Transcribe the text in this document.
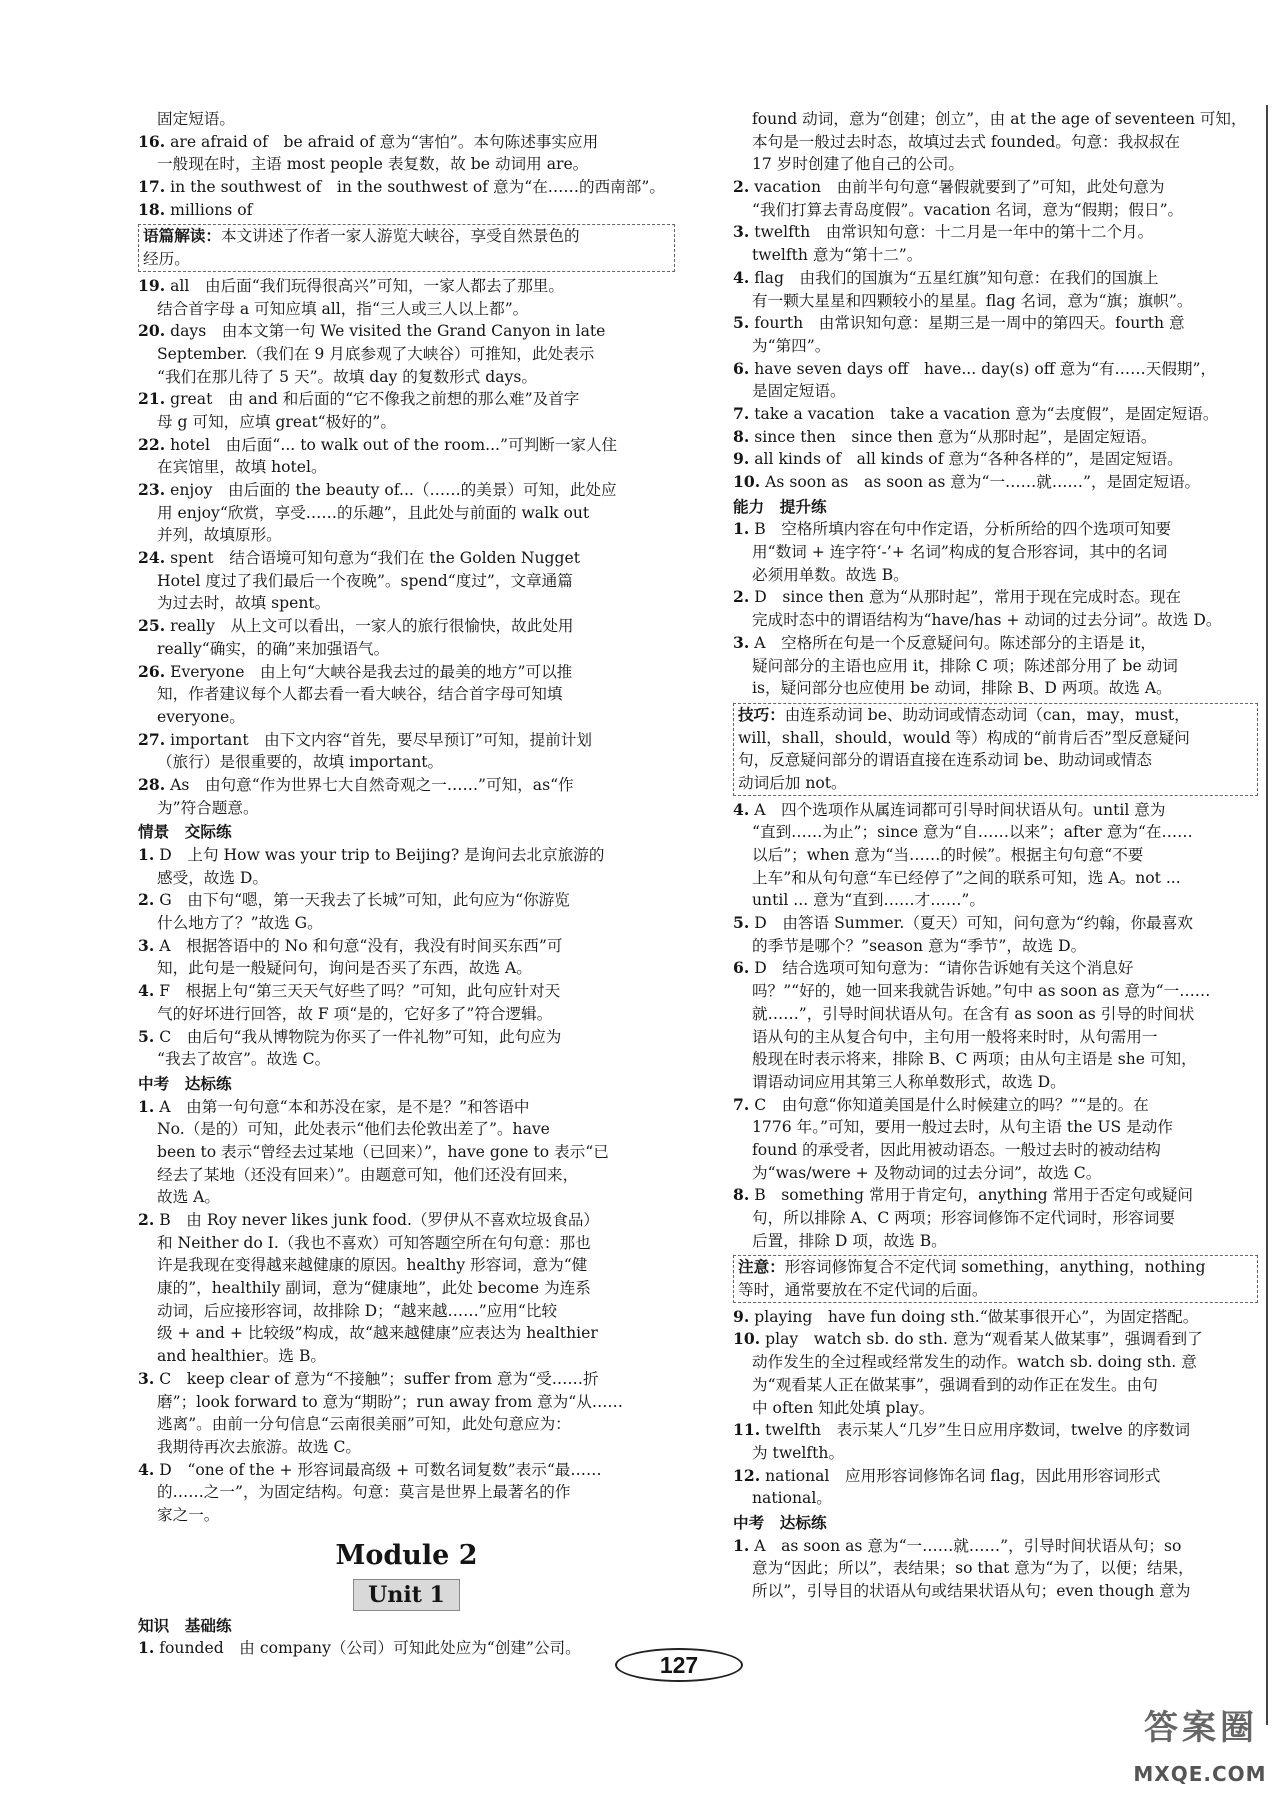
固定短语。
16. are afraid of　be afraid of 意为“害怕”。本句陈述事实应用
一般现在时，主语 most people 表复数，故 be 动词用 are。
17. in the southwest of　in the southwest of 意为“在……的西南部”。
18. millions of
语篇解读：本文讲述了作者一家人游览大峡谷，享受自然景色的
经历。
19. all　由后面“我们玩得很高兴”可知，一家人都去了那里。
结合首字母 a 可知应填 all，指“三人或三人以上都”。
20. days　由本文第一句 We visited the Grand Canyon in late
September.（我们在 9 月底参观了大峡谷）可推知，此处表示
“我们在那儿待了 5 天”。故填 day 的复数形式 days。
21. great　由 and 和后面的“它不像我之前想的那么难”及首字
母 g 可知，应填 great“极好的”。
22. hotel　由后面“... to walk out of the room...”可判断一家人住
在宾馆里，故填 hotel。
23. enjoy　由后面的 the beauty of...（……的美景）可知，此处应
用 enjoy“欣赏，享受……的乐趣”，且此处与前面的 walk out
并列，故填原形。
24. spent　结合语境可知句意为“我们在 the Golden Nugget
Hotel 度过了我们最后一个夜晚”。spend“度过”，文章通篇
为过去时，故填 spent。
25. really　从上文可以看出，一家人的旅行很愉快，故此处用
really“确实，的确”来加强语气。
26. Everyone　由上句“大峡谷是我去过的最美的地方”可以推
知，作者建议每个人都去看一看大峡谷，结合首字母可知填
everyone。
27. important　由下文内容“首先，要尽早预订”可知，提前计划
（旅行）是很重要的，故填 important。
28. As　由句意“作为世界七大自然奇观之一……”可知，as“作
为”符合题意。
情景　交际练
1. D　上句 How was your trip to Beijing? 是询问去北京旅游的
感受，故选 D。
2. G　由下句“嗯，第一天我去了长城”可知，此句应为“你游览
什么地方了？”故选 G。
3. A　根据答语中的 No 和句意“没有，我没有时间买东西”可
知，此句是一般疑问句，询问是否买了东西，故选 A。
4. F　根据上句“第三天天气好些了吗？”可知，此句应针对天
气的好坏进行回答，故 F 项“是的，它好多了”符合逻辑。
5. C　由后句“我从博物院为你买了一件礼物”可知，此句应为
“我去了故宫”。故选 C。
中考　达标练
1. A　由第一句句意“本和苏没在家，是不是？”和答语中
No.（是的）可知，此处表示“他们去伦敦出差了”。have
been to 表示“曾经去过某地（已回来）”，have gone to 表示“已
经去了某地（还没有回来）”。由题意可知，他们还没有回来，
故选 A。
2. B　由 Roy never likes junk food.（罗伊从不喜欢垃圾食品）
和 Neither do I.（我也不喜欢）可知答题空所在句句意：那也
许是我现在变得越来越健康的原因。healthy 形容词，意为“健
康的”，healthily 副词，意为“健康地”，此处 become 为连系
动词，后应接形容词，故排除 D；“越来越……”应用“比较
级 + and + 比较级”构成，故“越来越健康”应表达为 healthier
and healthier。选 B。
3. C　keep clear of 意为“不接触”；suffer from 意为“受……折
磨”；look forward to 意为“期盼”；run away from 意为“从……
逃离”。由前一分句信息“云南很美丽”可知，此处句意应为：
我期待再次去旅游。故选 C。
4. D　“one of the + 形容词最高级 + 可数名词复数”表示“最……
的……之一”，为固定结构。句意：莫言是世界上最著名的作
家之一。
Module 2
Unit 1
知识　基础练
1. founded　由 company（公司）可知此处应为“创建”公司。
found 动词，意为“创建；创立”，由 at the age of seventeen 可知，
本句是一般过去时态，故填过去式 founded。句意：我叔叔在
17 岁时创建了他自己的公司。
2. vacation　由前半句句意“暑假就要到了”可知，此处句意为
“我们打算去青岛度假”。vacation 名词，意为“假期；假日”。
3. twelfth　由常识知句意：十二月是一年中的第十二个月。
twelfth 意为“第十二”。
4. flag　由我们的国旗为“五星红旗”知句意：在我们的国旗上
有一颗大星星和四颗较小的星星。flag 名词，意为“旗；旗帜”。
5. fourth　由常识知句意：星期三是一周中的第四天。fourth 意
为“第四”。
6. have seven days off　have... day(s) off 意为“有……天假期”，
是固定短语。
7. take a vacation　take a vacation 意为“去度假”，是固定短语。
8. since then　since then 意为“从那时起”，是固定短语。
9. all kinds of　all kinds of 意为“各种各样的”，是固定短语。
10. As soon as　as soon as 意为“一……就……”，是固定短语。
能力　提升练
1. B　空格所填内容在句中作定语，分析所给的四个选项可知要
用“数词 + 连字符‘-’+ 名词”构成的复合形容词，其中的名词
必须用单数。故选 B。
2. D　since then 意为“从那时起”，常用于现在完成时态。现在
完成时态中的谓语结构为“have/has + 动词的过去分词”。故选 D。
3. A　空格所在句是一个反意疑问句。陈述部分的主语是 it，
疑问部分的主语也应用 it，排除 C 项；陈述部分用了 be 动词
is，疑问部分也应使用 be 动词，排除 B、D 两项。故选 A。
技巧：由连系动词 be、助动词或情态动词（can，may，must，
will，shall，should，would 等）构成的“前肯后否”型反意疑问
句，反意疑问部分的谓语直接在连系动词 be、助动词或情态
动词后加 not。
4. A　四个选项作从属连词都可引导时间状语从句。until 意为
“直到……为止”；since 意为“自……以来”；after 意为“在……
以后”；when 意为“当……的时候”。根据主句句意“不要
上车”和从句句意“车已经停了”之间的联系可知，选 A。not ...
until ... 意为“直到……才……”。
5. D　由答语 Summer.（夏天）可知，问句意为“约翰，你最喜欢
的季节是哪个？”season 意为“季节”，故选 D。
6. D　结合选项可知句意为：“请你告诉她有关这个消息好
吗？”“好的，她一回来我就告诉她。”句中 as soon as 意为“一……
就……”，引导时间状语从句。在含有 as soon as 引导的时间状
语从句的主从复合句中，主句用一般将来时时，从句需用一
般现在时表示将来，排除 B、C 两项；由从句主语是 she 可知，
谓语动词应用其第三人称单数形式，故选 D。
7. C　由句意“你知道美国是什么时候建立的吗？”“是的。在
1776 年。”可知，要用一般过去时，从句主语 the US 是动作
found 的承受者，因此用被动语态。一般过去时的被动结构
为“was/were + 及物动词的过去分词”，故选 C。
8. B　something 常用于肯定句，anything 常用于否定句或疑问
句，所以排除 A、C 两项；形容词修饰不定代词时，形容词要
后置，排除 D 项，故选 B。
注意：形容词修饰复合不定代词 something，anything，nothing
等时，通常要放在不定代词的后面。
9. playing　have fun doing sth.“做某事很开心”，为固定搭配。
10. play　watch sb. do sth. 意为“观看某人做某事”，强调看到了
动作发生的全过程或经常发生的动作。watch sb. doing sth. 意
为“观看某人正在做某事”，强调看到的动作正在发生。由句
中 often 知此处填 play。
11. twelfth　表示某人“几岁”生日应用序数词，twelve 的序数词
为 twelfth。
12. national　应用形容词修饰名词 flag，因此用形容词形式
national。
中考　达标练
1. A　as soon as 意为“一……就……”，引导时间状语从句；so
意为“因此；所以”，表结果；so that 意为“为了，以便；结果，
所以”，引导目的状语从句或结果状语从句；even though 意为
127
答案圈
MXQE.COM
